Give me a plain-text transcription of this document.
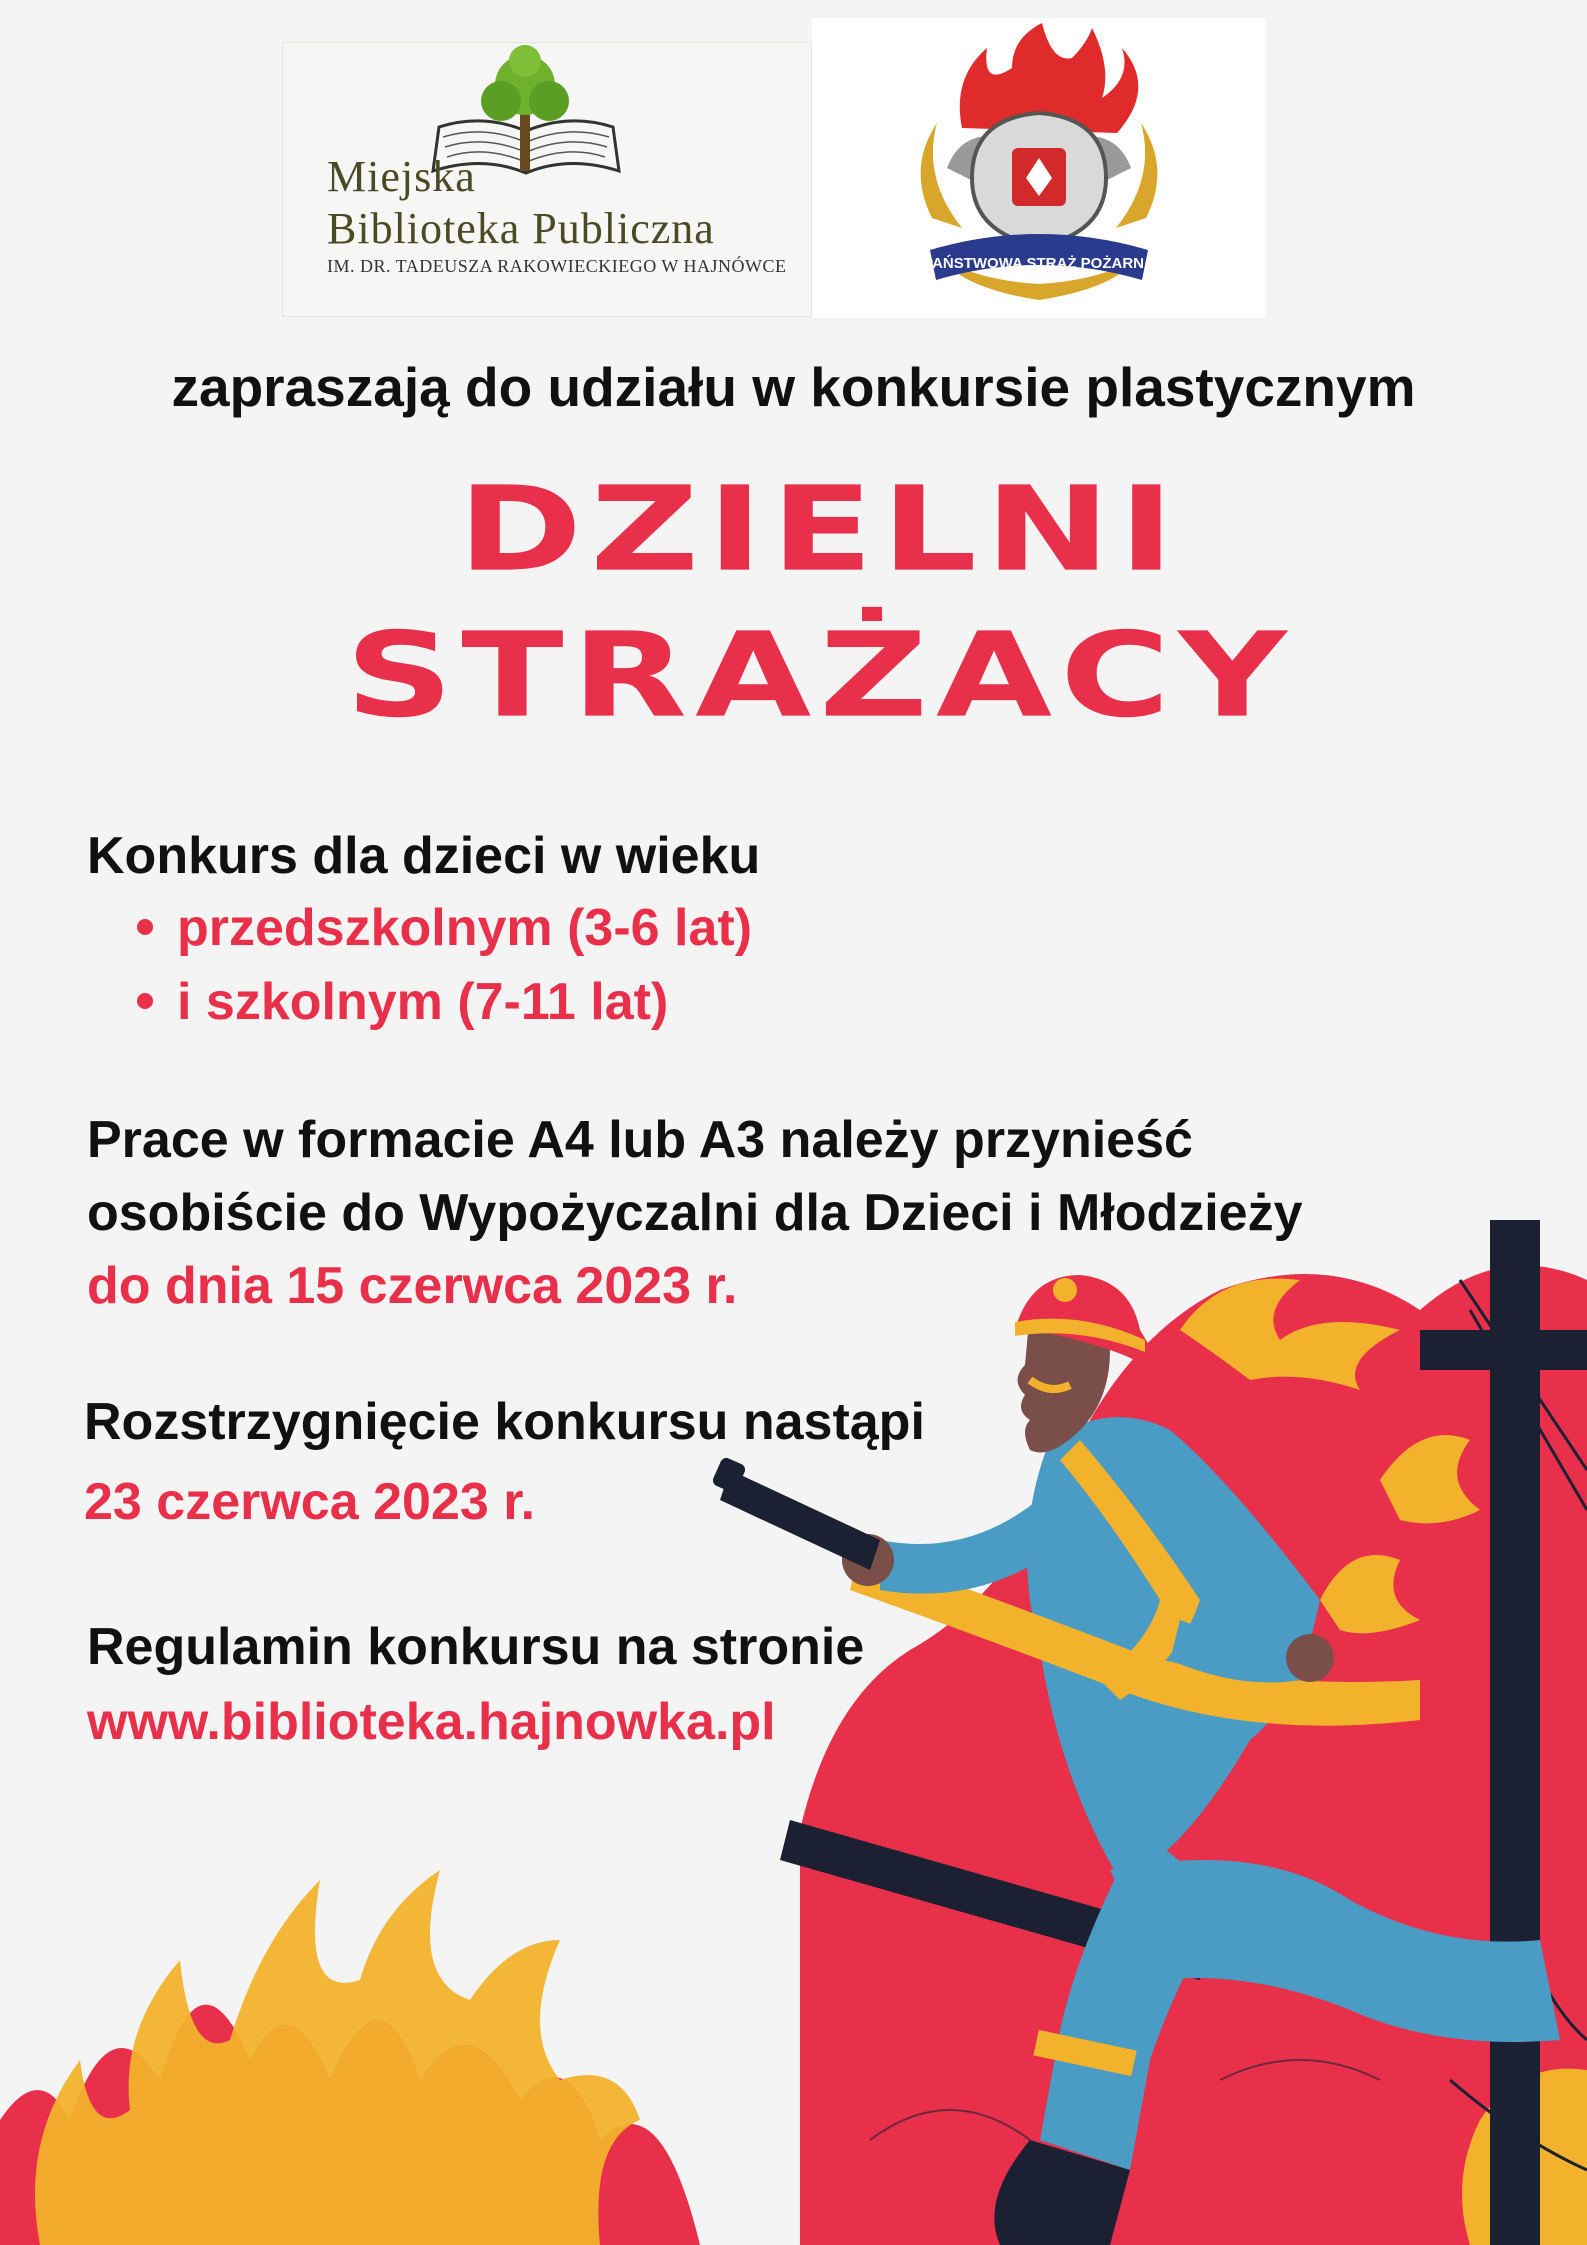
Miejska
Biblioteka Publiczna
IM. DR. TADEUSZA RAKOWIECKIEGO W HAJNÓWCE	PAŃSTWOWA STRAŻ POŻARNA
zapraszają do udziału w konkursie plastycznym
DZIELNI
STRAŻACY
Konkurs dla dzieci w wieku
przedszkolnym (3-6 lat)
i szkolnym (7-11 lat)
Prace w formacie A4 lub A3 należy przynieść
osobiście do Wypożyczalni dla Dzieci i Młodzieży
do dnia 15 czerwca 2023 r.
Rozstrzygnięcie konkursu nastąpi
23 czerwca 2023 r.
Regulamin konkursu na stronie
www.biblioteka.hajnowka.pl
